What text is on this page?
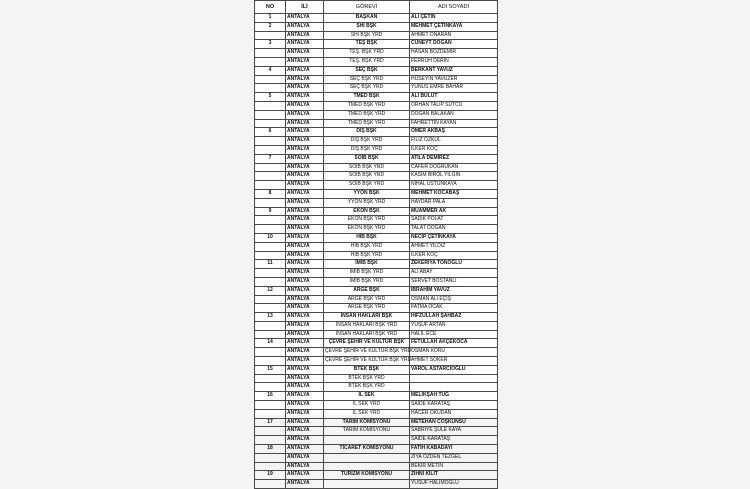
NO	İLİ	GÖREVİ	ADI SOYADI
1	ANTALYA	BAŞKAN	ALİ ÇETİN
2	ANTALYA	SHİ BŞK	MEHMET ÇETİNKAYA
	ANTALYA	SHİ BŞK YRD	AHMET ONARAN
3	ANTALYA	TEŞ BŞK	CÜNEYT DOĞAN
	ANTALYA	TEŞ. BŞK YRD	HASAN BOZDEMİR
	ANTALYA	TEŞ. BŞK YRD	FERRUH DERİN
4	ANTALYA	SEÇ BŞK	BERKANT YAVUZ
	ANTALYA	SEÇ BŞK YRD	HÜSEYİN YAVUZER
	ANTALYA	SEÇ BŞK YRD	YUNUS EMRE BAHAR
5	ANTALYA	TMED BŞK	ALİ BULUT
	ANTALYA	TMED BŞK YRD	ORHAN TALİP SÜTCÜ
	ANTALYA	TMED BŞK YRD	DOĞAN BALAKAN
	ANTALYA	TMED BŞK YRD	FAHRETTİN KAYAN
6	ANTALYA	DIŞ BŞK	ÖMER AKBAŞ
	ANTALYA	DIŞ BŞK YRD	FİLİZ ÖZKUL
	ANTALYA	DIŞ BŞK YRD	İLKER KOÇ
7	ANTALYA	SOİB BŞK	ATİLA DEMİREZ
	ANTALYA	SOİB BŞK YRD	CAFER DOĞRUKAN
	ANTALYA	SOİB BŞK YRD	KASIM BİROL YILGIN
	ANTALYA	SOİB BŞK YRD	NİHAL ÜSTÜNKAYA
8	ANTALYA	YYÖN BŞK	MEHMET KOCABAŞ
	ANTALYA	YYÖN BŞK YRD	HAYDAR PALA
9	ANTALYA	EKON BŞK	MUAMMER AK
	ANTALYA	EKON BŞK YRD	SADIK POLAT
	ANTALYA	EKON BŞK YRD	TALAT DOĞAN
10	ANTALYA	HİB BŞK	NECİP ÇETİNKAYA
	ANTALYA	HİB BŞK YRD	AHMET YILDIZ
	ANTALYA	HİB BŞK YRD	İLKER KOÇ
11	ANTALYA	İMİB BŞK	ZEKERİYA TONOĞLU
	ANTALYA	İMİB BŞK YRD	ALİ ABAY
	ANTALYA	İMİB BŞK YRD	SERVET BOSTANLI
12	ANTALYA	ARGE BŞK	İBRAHİM YAVUZ
	ANTALYA	ARGE BŞK YRD	OSMAN ALİ EÇİŞ
	ANTALYA	ARGE BŞK YRD	FATMA OCAK
13	ANTALYA	İNSAN HAKLARI BŞK	HIFZULLAH ŞAHBAZ
	ANTALYA	İNSAN HAKLARI BŞK YRD	YUSUF ARTAN
	ANTALYA	İNSAN HAKLARI BŞK YRD	HALİL ECE
14	ANTALYA	ÇEVRE ŞEHİR VE KÜLTÜR BŞK	FETULLAH AKÇEKOCA
	ANTALYA	ÇEVRE ŞEHİR VE KÜLTÜR BŞK YRD	OSMAN KORU
	ANTALYA	ÇEVRE ŞEHİR VE KÜLTÜR BŞK YRD	AHMET SÖKER
15	ANTALYA	BTEK BŞK	VAROL ASTARCIOĞLU
	ANTALYA	BTEK BŞK YRD	
	ANTALYA	BTEK BŞK YRD	
16	ANTALYA	İL SEK	MELİKŞAH TUĞ
	ANTALYA	İL SEK YRD	SAİDE KARATAŞ
	ANTALYA	İL SEK YRD	HACER OKUDAN
17	ANTALYA	TARIM KOMİSYONU	METEHAN COŞKUNSU
	ANTALYA	TARIM KOMİSYONU	SABRİYE ŞULE KAYA
	ANTALYA		SAİDE KARATAŞ
18	ANTALYA	TİCARET KOMİSYONU	FATİH KABADAYI
	ANTALYA		ZİYA ÖZDEN TEZGEL
	ANTALYA		BEKİR METİN
19	ANTALYA	TURİZM KOMİSYONU	ZİHNİ KİLİT
	ANTALYA		YUSUF HALİMOĞLU
